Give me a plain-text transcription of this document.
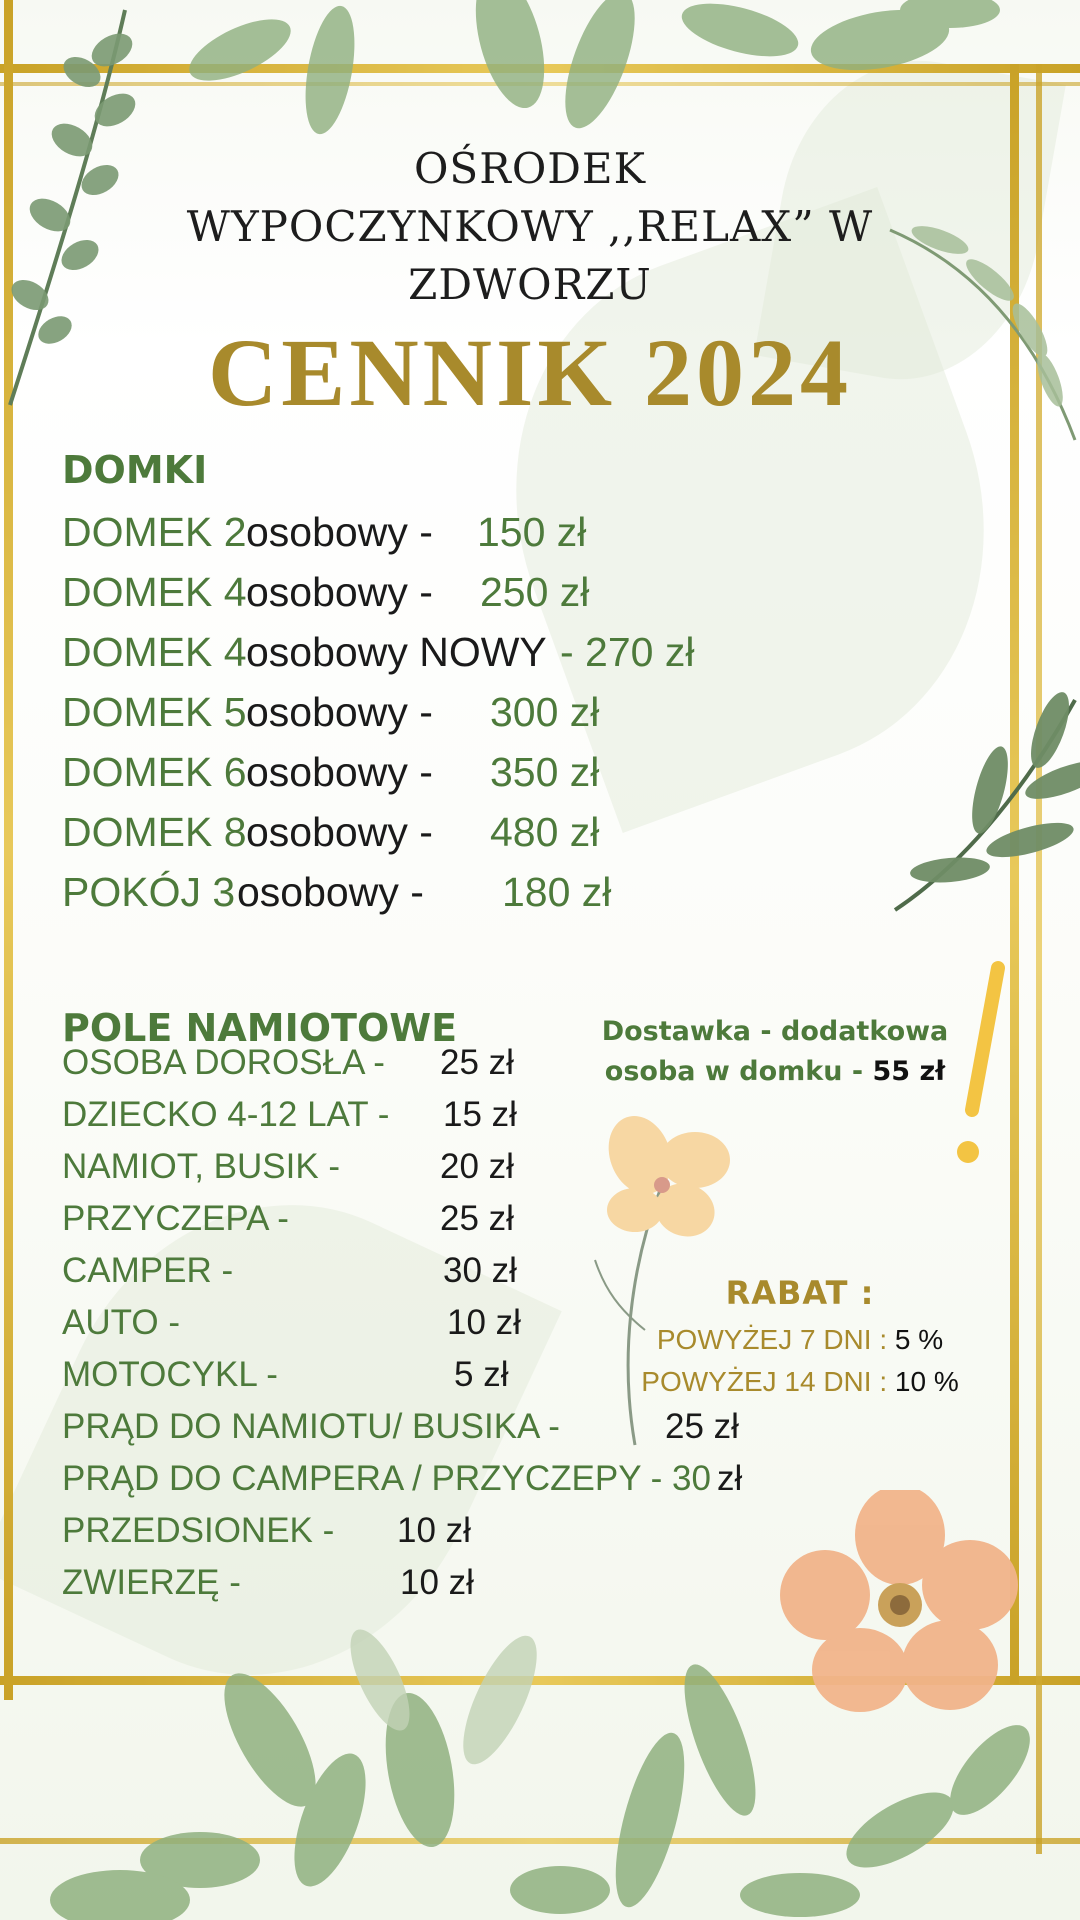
OŚRODEK
WYPOCZYNKOWY ,,RELAX” W
ZDWORZU
CENNIK 2024
DOMKI
DOMEK 2 osobowy - 150 zł
DOMEK 4 osobowy - 250 zł
DOMEK 4 osobowy NOWY - 270 zł
DOMEK 5 osobowy - 300 zł
DOMEK 6 osobowy - 350 zł
DOMEK 8 osobowy - 480 zł
POKÓJ 3 osobowy - 180 zł
POLE NAMIOTOWE
OSOBA DOROSŁA - 25 zł
DZIECKO 4-12 LAT - 15 zł
NAMIOT, BUSIK -	20 zł
PRZYCZEPA -	25 zł
CAMPER -	30 zł
AUTO -	10 zł
MOTOCYKL -	5 zł
PRĄD DO NAMIOTU/ BUSIKA -	25 zł
PRĄD DO CAMPERA / PRZYCZEPY - 30 zł
PRZEDSIONEK - 10 zł
ZWIERZĘ -	10 zł
Dostawka - dodatkowa
osoba w domku - 55 zł
RABAT :
POWYŻEJ 7 DNI : 5 %
POWYŻEJ 14 DNI : 10 %
